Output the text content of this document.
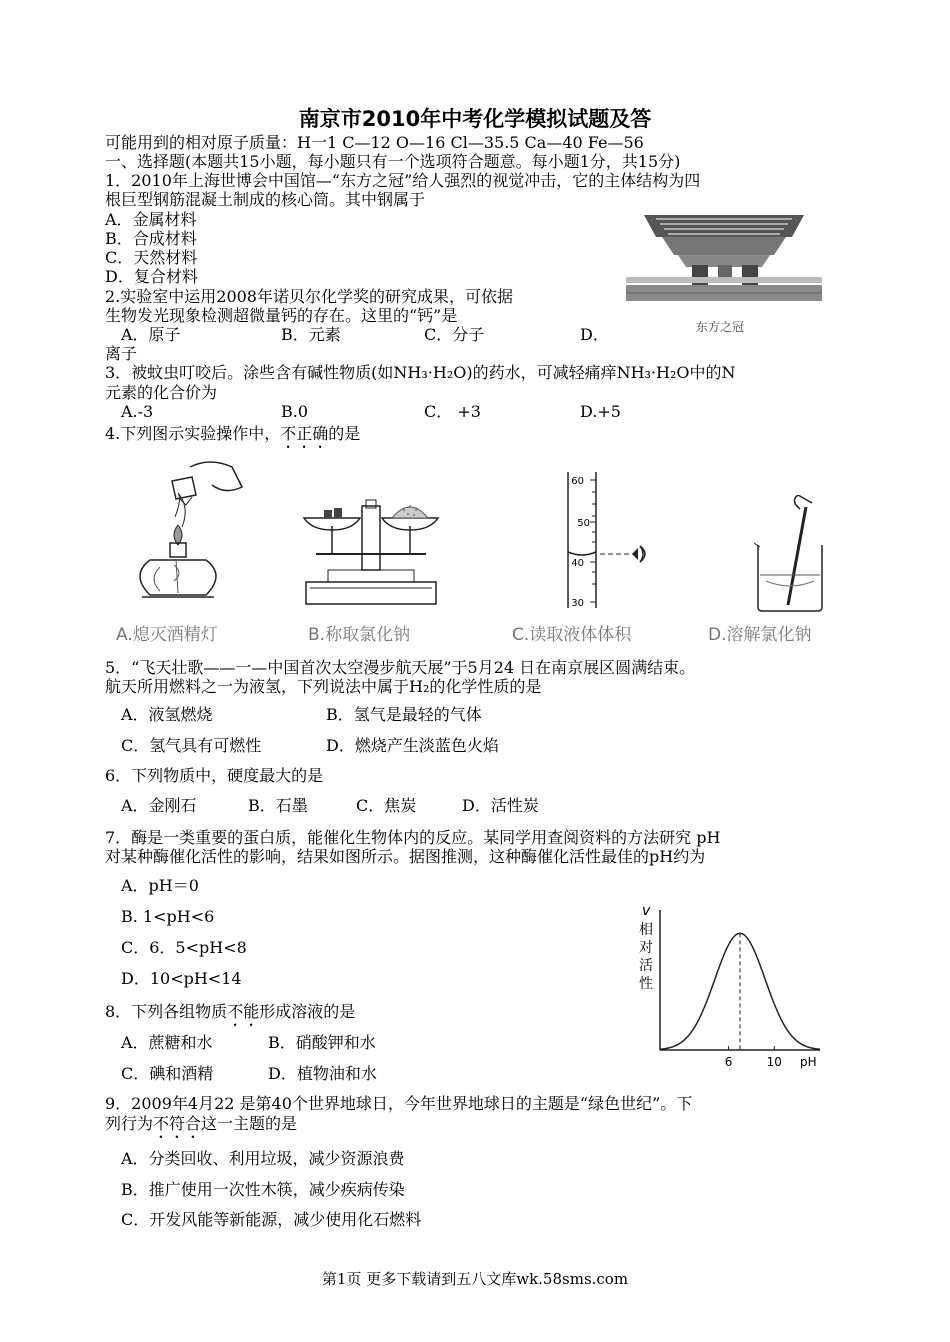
南京市2010年中考化学模拟试题及答
可能用到的相对原子质量：H一1 C—12 O—16 Cl—35.5 Ca—40 Fe—56
一、选择题(本题共15小题，每小题只有一个选项符合题意。每小题1分，共15分)
1．2010年上海世博会中国馆—“东方之冠”给人强烈的视觉冲击，它的主体结构为四
根巨型钢筋混凝土制成的核心筒。其中钢属于
A．金属材料
B．合成材料
C．天然材料
D．复合材料
东方之冠
2.实验室中运用2008年诺贝尔化学奖的研究成果，可依据
生物发光现象检测超微量钙的存在。这里的“钙”是
A．原子	B．元素	C．分子	D．
离子
3．被蚊虫叮咬后。涂些含有碱性物质(如NH₃·H₂O)的药水，可减轻痛痒NH₃·H₂O中的N
元素的化合价为
A.-3	B.0	C． +3	D.+5
4.下列图示实验操作中，不正确的是
A.熄灭酒精灯	B.称取氯化钠
60
50
40
30
C.读取液体体积	D.溶解氯化钠
5．“飞天壮歌——一—中国首次太空漫步航天展”于5月24 日在南京展区圆满结束。
航天所用燃料之一为液氢，下列说法中属于H₂的化学性质的是
A．液氢燃烧	B．氢气是最轻的气体
C．氢气具有可燃性	D．燃烧产生淡蓝色火焰
6．下列物质中，硬度最大的是
A．金刚石	B．石墨	C．焦炭	D．活性炭
7．酶是一类重要的蛋白质，能催化生物体内的反应。某同学用查阅资料的方法研究 pH
对某种酶催化活性的影响，结果如图所示。据图推测，这种酶催化活性最佳的pH约为
A．pH＝0
B. 1<pH<6
C．6．5<pH<8
D．10<pH<14
v
相
对
活
性
pH
6	10
8．下列各组物质不能形成溶液的是
A．蔗糖和水	B．硝酸钾和水
C．碘和酒精	D．植物油和水
9．2009年4月22 是第40个世界地球日，今年世界地球日的主题是“绿色世纪”。下
列行为不符合这一主题的是
A．分类回收、利用垃圾，减少资源浪费
B．推广使用一次性木筷，减少疾病传染
C．开发风能等新能源，减少使用化石燃料
第1页 更多下载请到五八文库wk.58sms.com
